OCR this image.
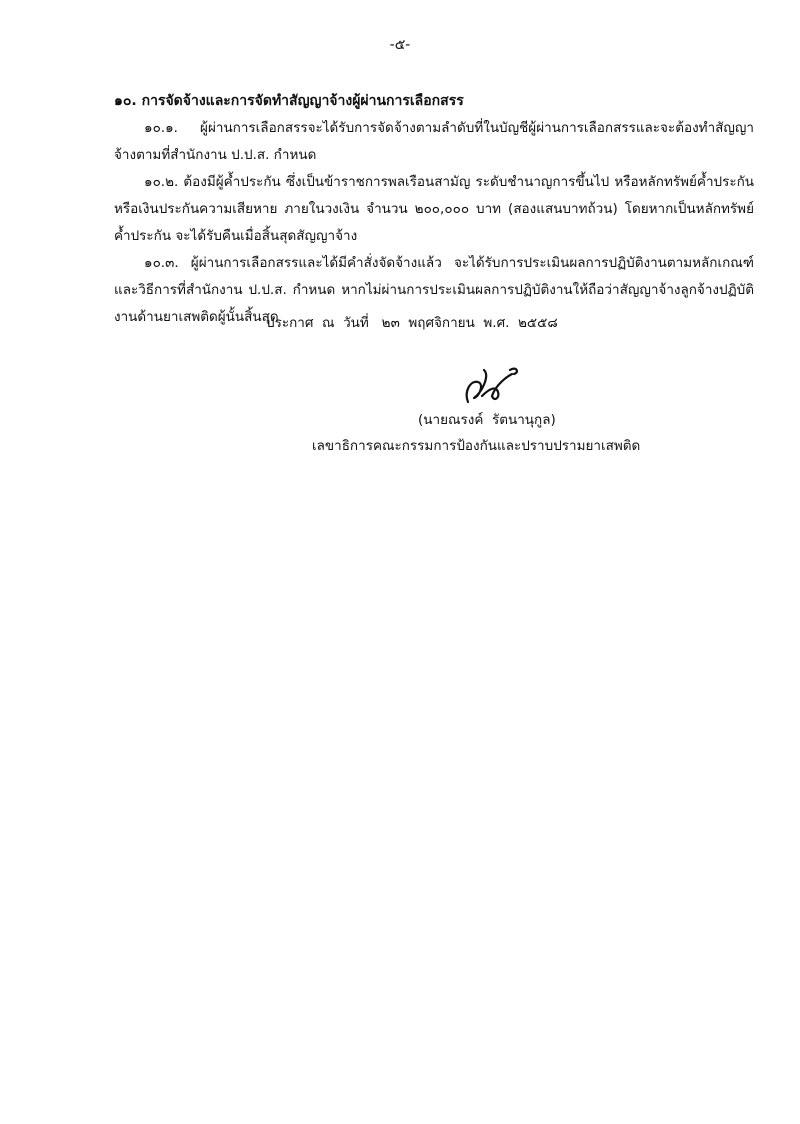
-๕-

๑๐. การจัดจ้างและการจัดทำสัญญาจ้างผู้ผ่านการเลือกสรร

๑๐.๑. ผู้ผ่านการเลือกสรรจะได้รับการจัดจ้างตามลำดับที่ในบัญชีผู้ผ่านการเลือกสรรและจะต้องทำสัญญาจ้างตามที่สำนักงาน ป.ป.ส. กำหนด

๑๐.๒. ต้องมีผู้ค้ำประกัน ซึ่งเป็นข้าราชการพลเรือนสามัญ ระดับชำนาญการขึ้นไป หรือหลักทรัพย์ค้ำประกันหรือเงินประกันความเสียหาย ภายในวงเงิน จำนวน ๒๐๐,๐๐๐ บาท (สองแสนบาทถ้วน) โดยหากเป็นหลักทรัพย์ค้ำประกัน จะได้รับคืนเมื่อสิ้นสุดสัญญาจ้าง

๑๐.๓. ผู้ผ่านการเลือกสรรและได้มีคำสั่งจัดจ้างแล้ว จะได้รับการประเมินผลการปฏิบัติงานตามหลักเกณฑ์และวิธีการที่สำนักงาน ป.ป.ส. กำหนด หากไม่ผ่านการประเมินผลการปฏิบัติงานให้ถือว่าสัญญาจ้างลูกจ้างปฏิบัติงานด้านยาเสพติดผู้นั้นสิ้นสุด

ประกาศ  ณ  วันที่   ๒๓  พฤศจิกายน  พ.ศ.  ๒๕๕๘
(นายณรงค์  รัตนานุกูล)
เลขาธิการคณะกรรมการป้องกันและปราบปรามยาเสพติด
